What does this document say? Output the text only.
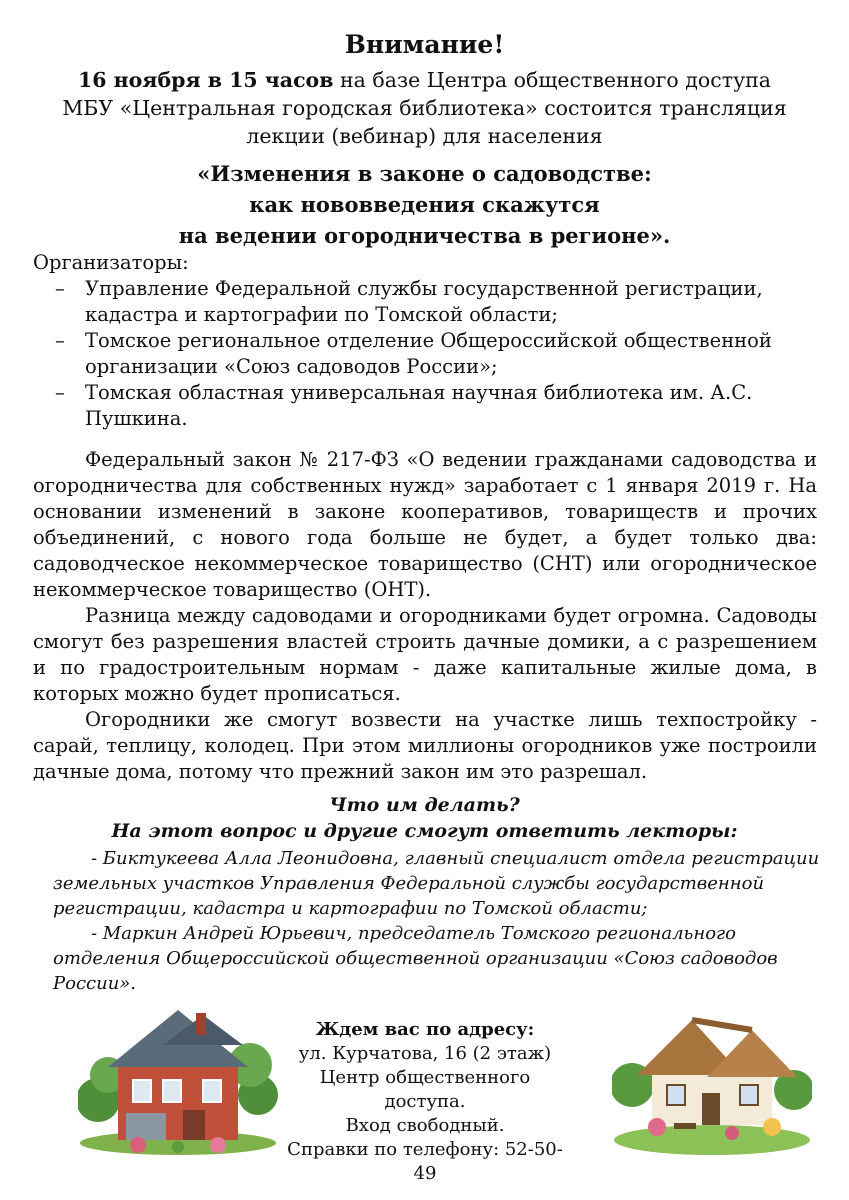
Внимание!
16 ноября в 15 часов на базе Центра общественного доступа
МБУ «Центральная городская библиотека» состоится трансляция
лекции (вебинар) для населения
«Изменения в законе о садоводстве:
как нововведения скажутся
на ведении огородничества в регионе».
Организаторы:
– Управление Федеральной службы государственной регистрации, кадастра и картографии по Томской области;
– Томское региональное отделение Общероссийской общественной организации «Союз садоводов России»;
– Томская областная универсальная научная библиотека им. А.С. Пушкина.

Федеральный закон № 217-ФЗ «О ведении гражданами садоводства и огородничества для собственных нужд» заработает с 1 января 2019 г. На основании изменений в законе кооперативов, товариществ и прочих объединений, с нового года больше не будет, а будет только два: садоводческое некоммерческое товарищество (СНТ) или огородническое некоммерческое товарищество (ОНТ).

Разница между садоводами и огородниками будет огромна. Садоводы смогут без разрешения властей строить дачные домики, а с разрешением и по градостроительным нормам - даже капитальные жилые дома, в которых можно будет прописаться.

Огородники же смогут возвести на участке лишь техпостройку - сарай, теплицу, колодец. При этом миллионы огородников уже построили дачные дома, потому что прежний закон им это разрешал.

Что им делать?
На этот вопрос и другие смогут ответить лекторы:

- Биктукеева Алла Леонидовна, главный специалист отдела регистрации земельных участков Управления Федеральной службы государственной регистрации, кадастра и картографии по Томской области;

- Маркин Андрей Юрьевич, председатель Томского регионального отделения Общероссийской общественной организации «Союз садоводов России».

Ждем вас по адресу:
ул. Курчатова, 16 (2 этаж)
Центр общественного доступа.
Вход свободный.
Справки по телефону: 52-50-49
